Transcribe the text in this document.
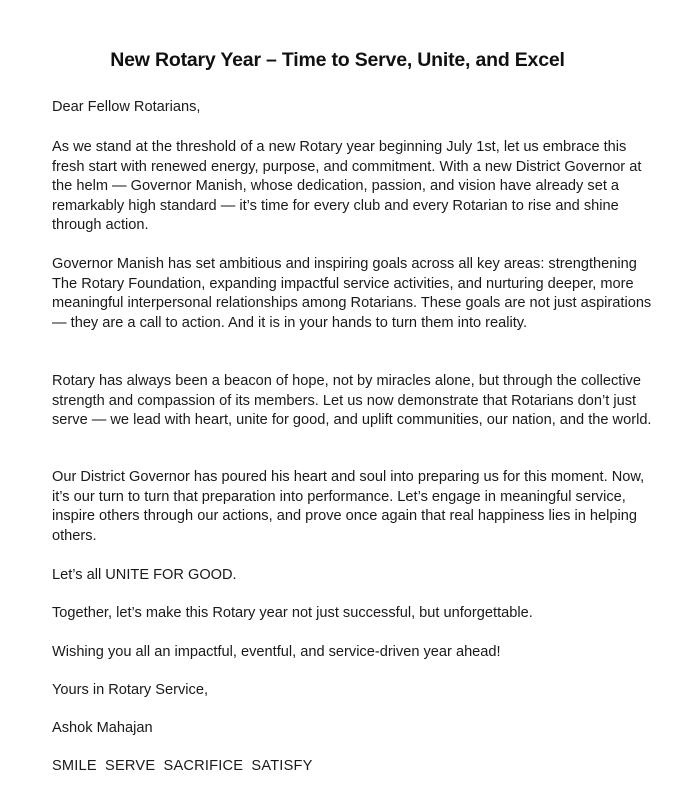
New Rotary Year – Time to Serve, Unite, and Excel

Dear Fellow Rotarians,

As we stand at the threshold of a new Rotary year beginning July 1st, let us embrace this fresh start with renewed energy, purpose, and commitment. With a new District Governor at the helm — Governor Manish, whose dedication, passion, and vision have already set a remarkably high standard — it’s time for every club and every Rotarian to rise and shine through action.

Governor Manish has set ambitious and inspiring goals across all key areas: strengthening The Rotary Foundation, expanding impactful service activities, and nurturing deeper, more meaningful interpersonal relationships among Rotarians. These goals are not just aspirations — they are a call to action. And it is in your hands to turn them into reality.

Rotary has always been a beacon of hope, not by miracles alone, but through the collective strength and compassion of its members. Let us now demonstrate that Rotarians don’t just serve — we lead with heart, unite for good, and uplift communities, our nation, and the world.

Our District Governor has poured his heart and soul into preparing us for this moment. Now, it’s our turn to turn that preparation into performance. Let’s engage in meaningful service, inspire others through our actions, and prove once again that real happiness lies in helping others.

Let’s all UNITE FOR GOOD.

Together, let’s make this Rotary year not just successful, but unforgettable.

Wishing you all an impactful, eventful, and service-driven year ahead!

Yours in Rotary Service,

Ashok Mahajan

SMILE SERVE SACRIFICE SATISFY
